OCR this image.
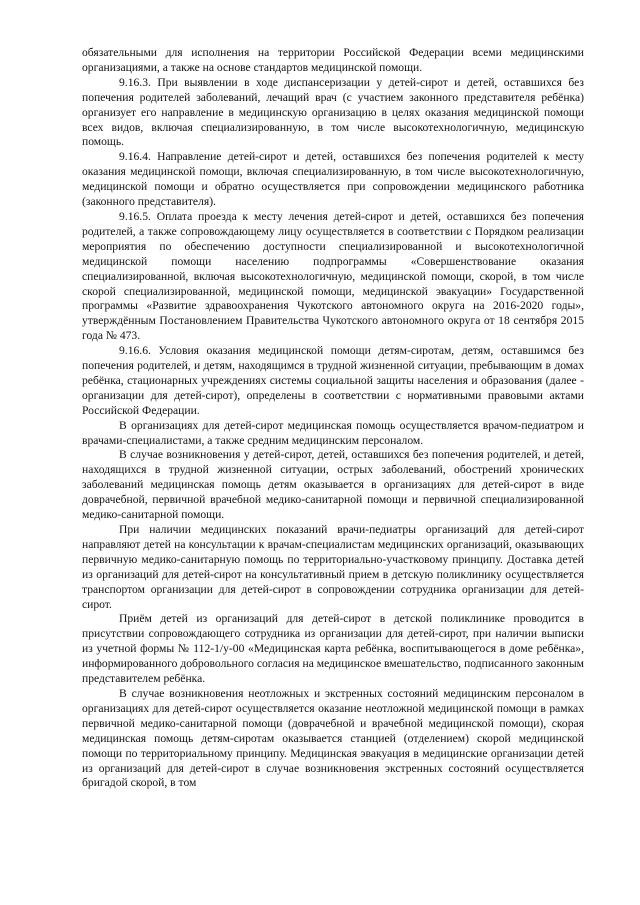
обязательными для исполнения на территории Российской Федерации всеми медицинскими организациями, а также на основе стандартов медицинской помощи.

9.16.3. При выявлении в ходе диспансеризации у детей-сирот и детей, оставшихся без попечения родителей заболеваний, лечащий врач (с участием законного представителя ребёнка) организует его направление в медицинскую организацию в целях оказания медицинской помощи всех видов, включая специализированную, в том числе высокотехнологичную, медицинскую помощь.

9.16.4. Направление детей-сирот и детей, оставшихся без попечения родителей к месту оказания медицинской помощи, включая специализированную, в том числе высокотехнологичную, медицинской помощи и обратно осуществляется при сопровождении медицинского работника (законного представителя).

9.16.5. Оплата проезда к месту лечения детей-сирот и детей, оставшихся без попечения родителей, а также сопровождающему лицу осуществляется в соответствии с Порядком реализации мероприятия по обеспечению доступности специализированной и высокотехнологичной медицинской помощи населению подпрограммы «Совершенствование оказания специализированной, включая высокотехнологичную, медицинской помощи, скорой, в том числе скорой специализированной, медицинской помощи, медицинской эвакуации» Государственной программы «Развитие здравоохранения Чукотского автономного округа на 2016-2020 годы», утверждённым Постановлением Правительства Чукотского автономного округа от 18 сентября 2015 года № 473.

9.16.6. Условия оказания медицинской помощи детям-сиротам, детям, оставшимся без попечения родителей, и детям, находящимся в трудной жизненной ситуации, пребывающим в домах ребёнка, стационарных учреждениях системы социальной защиты населения и образования (далее - организации для детей-сирот), определены в соответствии с нормативными правовыми актами Российской Федерации.

В организациях для детей-сирот медицинская помощь осуществляется врачом-педиатром и врачами-специалистами, а также средним медицинским персоналом.

В случае возникновения у детей-сирот, детей, оставшихся без попечения родителей, и детей, находящихся в трудной жизненной ситуации, острых заболеваний, обострений хронических заболеваний медицинская помощь детям оказывается в организациях для детей-сирот в виде доврачебной, первичной врачебной медико-санитарной помощи и первичной специализированной медико-санитарной помощи.

При наличии медицинских показаний врачи-педиатры организаций для детей-сирот направляют детей на консультации к врачам-специалистам медицинских организаций, оказывающих первичную медико-санитарную помощь по территориально-участковому принципу. Доставка детей из организаций для детей-сирот на консультативный прием в детскую поликлинику осуществляется транспортом организации для детей-сирот в сопровождении сотрудника организации для детей-сирот.

Приём детей из организаций для детей-сирот в детской поликлинике проводится в присутствии сопровождающего сотрудника из организации для детей-сирот, при наличии выписки из учетной формы № 112-1/у-00 «Медицинская карта ребёнка, воспитывающегося в доме ребёнка», информированного добровольного согласия на медицинское вмешательство, подписанного законным представителем ребёнка.

В случае возникновения неотложных и экстренных состояний медицинским персоналом в организациях для детей-сирот осуществляется оказание неотложной медицинской помощи в рамках первичной медико-санитарной помощи (доврачебной и врачебной медицинской помощи), скорая медицинская помощь детям-сиротам оказывается станцией (отделением) скорой медицинской помощи по территориальному принципу. Медицинская эвакуация в медицинские организации детей из организаций для детей-сирот в случае возникновения экстренных состояний осуществляется бригадой скорой, в том
